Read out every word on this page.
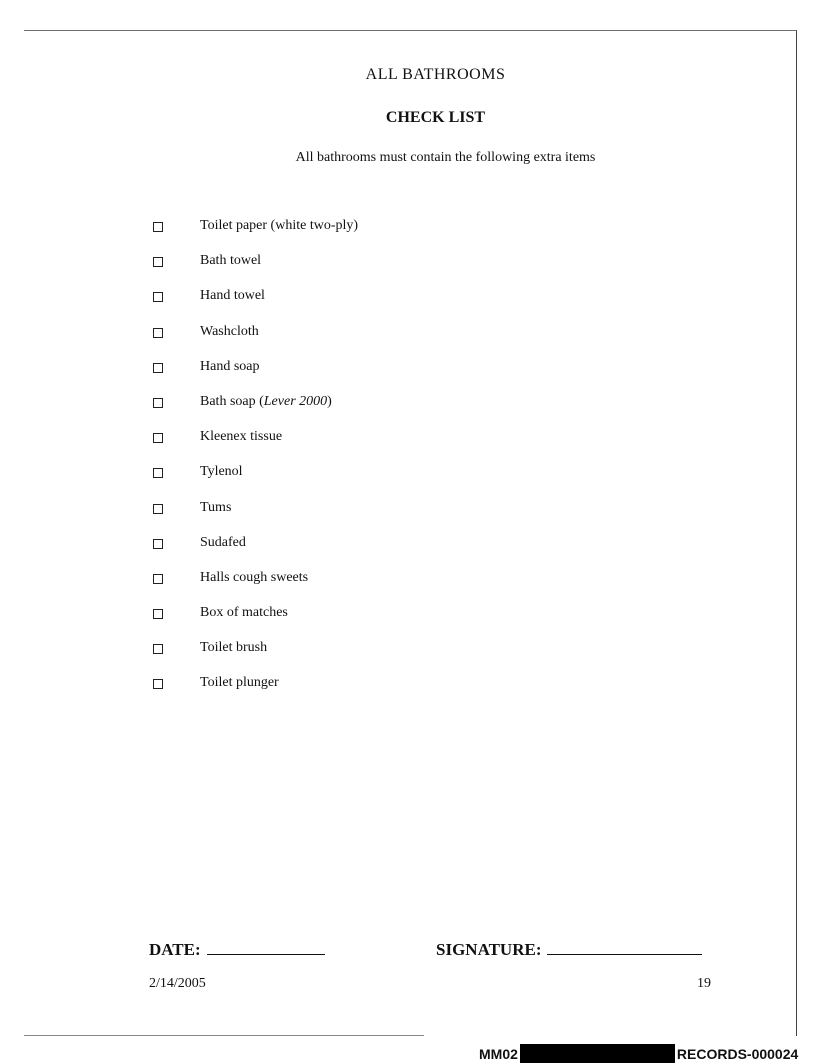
ALL BATHROOMS
CHECK LIST
All bathrooms must contain the following extra items
Toilet paper (white two-ply)
Bath towel
Hand towel
Washcloth
Hand soap
Bath soap (Lever 2000)
Kleenex tissue
Tylenol
Tums
Sudafed
Halls cough sweets
Box of matches
Toilet brush
Toilet plunger
DATE:	SIGNATURE:
2/14/2005	19
MM02	RECORDS-000024
